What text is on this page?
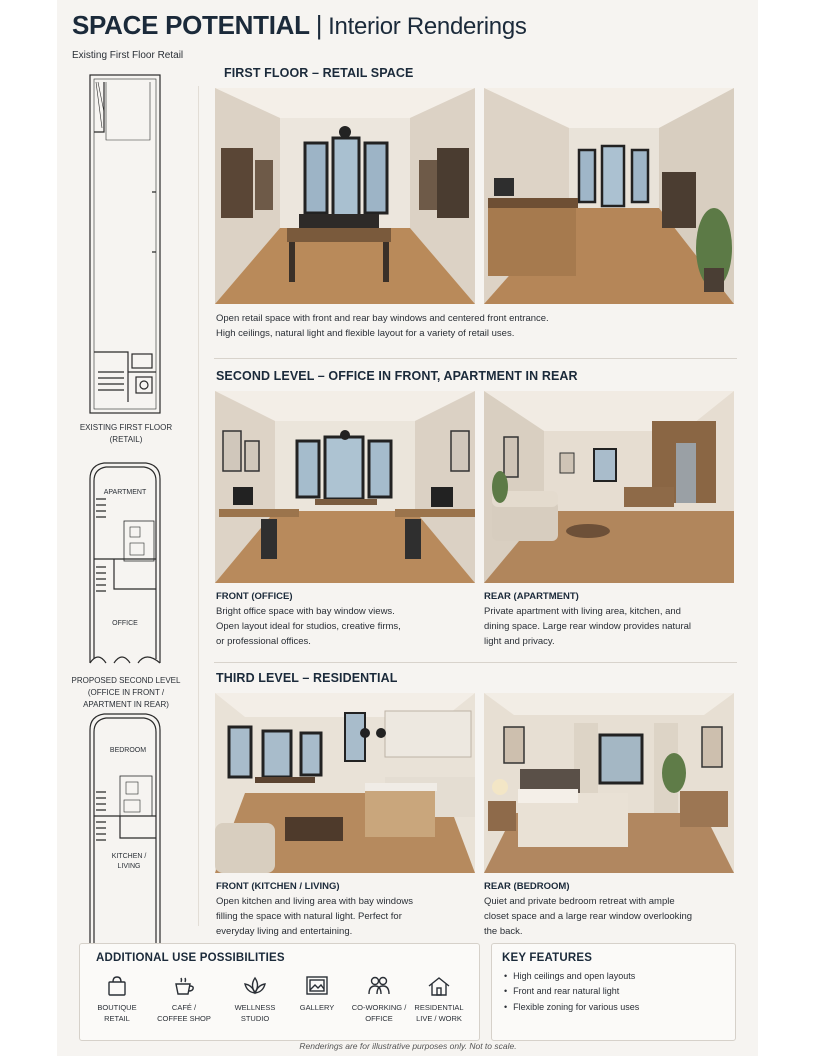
SPACE POTENTIAL | Interior Renderings
Existing First Floor Retail
EXISTING FIRST FLOOR
(RETAIL)
APARTMENT
OFFICE
PROPOSED SECOND LEVEL
(OFFICE IN FRONT /
APARTMENT IN REAR)
BEDROOM
KITCHEN /
LIVING
FIRST FLOOR – RETAIL SPACE
Open retail space with front and rear bay windows and centered front entrance.
High ceilings, natural light and flexible layout for a variety of retail uses.
SECOND LEVEL – OFFICE IN FRONT, APARTMENT IN REAR
FRONT (OFFICE)
Bright office space with bay window views.
Open layout ideal for studios, creative firms,
or professional offices.
REAR (APARTMENT)
Private apartment with living area, kitchen, and
dining space. Large rear window provides natural
light and privacy.
THIRD LEVEL – RESIDENTIAL
FRONT (KITCHEN / LIVING)
Open kitchen and living area with bay windows
filling the space with natural light. Perfect for
everyday living and entertaining.
REAR (BEDROOM)
Quiet and private bedroom retreat with ample
closet space and a large rear window overlooking
the back.
ADDITIONAL USE POSSIBILITIES
BOUTIQUE
RETAIL
CAFÉ /
COFFEE SHOP
WELLNESS
STUDIO
GALLERY	CO-WORKING /
OFFICE
RESIDENTIAL
LIVE / WORK
KEY FEATURES
• High ceilings and open layouts
• Front and rear natural light
• Flexible zoning for various uses
Renderings are for illustrative purposes only. Not to scale.
